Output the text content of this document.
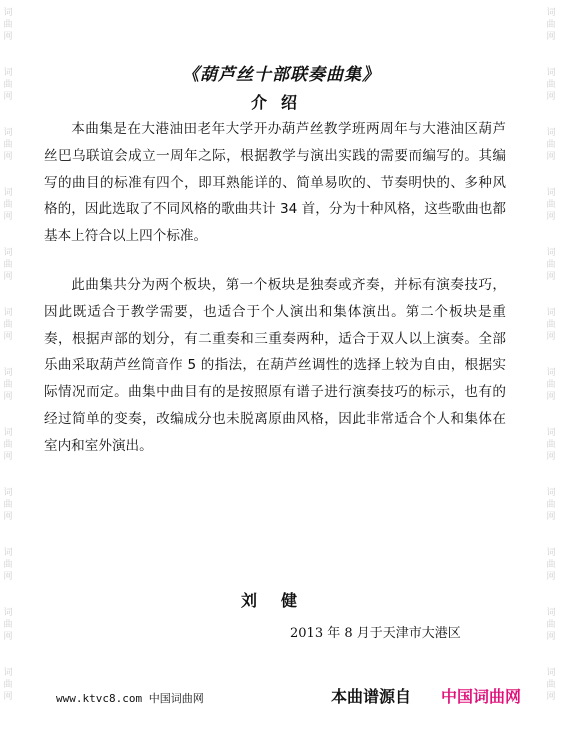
词
曲
网
词
曲
网
词
曲
网
词
曲
网
词
曲
网
词
曲
网
词
曲
网
词
曲
网
词
曲
网
词
曲
网
词
曲
网
词
曲
网
词
曲
网
词
曲
网
词
曲
网
词
曲
网
词
曲
网
词
曲
网
词
曲
网
词
曲
网
词
曲
网
词
曲
网
词
曲
网
词
曲
网
《葫芦丝十部联奏曲集》
介绍

本曲集是在大港油田老年大学开办葫芦丝教学班两周年与大港油区葫芦丝巴乌联谊会成立一周年之际，根据教学与演出实践的需要而编写的。其编写的曲目的标准有四个，即耳熟能详的、简单易吹的、节奏明快的、多种风格的，因此选取了不同风格的歌曲共计 34 首，分为十种风格，这些歌曲也都基本上符合以上四个标准。

此曲集共分为两个板块，第一个板块是独奏或齐奏，并标有演奏技巧，因此既适合于教学需要，也适合于个人演出和集体演出。第二个板块是重奏，根据声部的划分，有二重奏和三重奏两种，适合于双人以上演奏。全部乐曲采取葫芦丝筒音作 5 的指法，在葫芦丝调性的选择上较为自由，根据实际情况而定。曲集中曲目有的是按照原有谱子进行演奏技巧的标示，也有的经过简单的变奏，改编成分也未脱离原曲风格，因此非常适合个人和集体在室内和室外演出。

刘健
2013 年 8 月于天津市大港区
www.ktvc8.com 中国词曲网	本曲谱源自 中国词曲网
